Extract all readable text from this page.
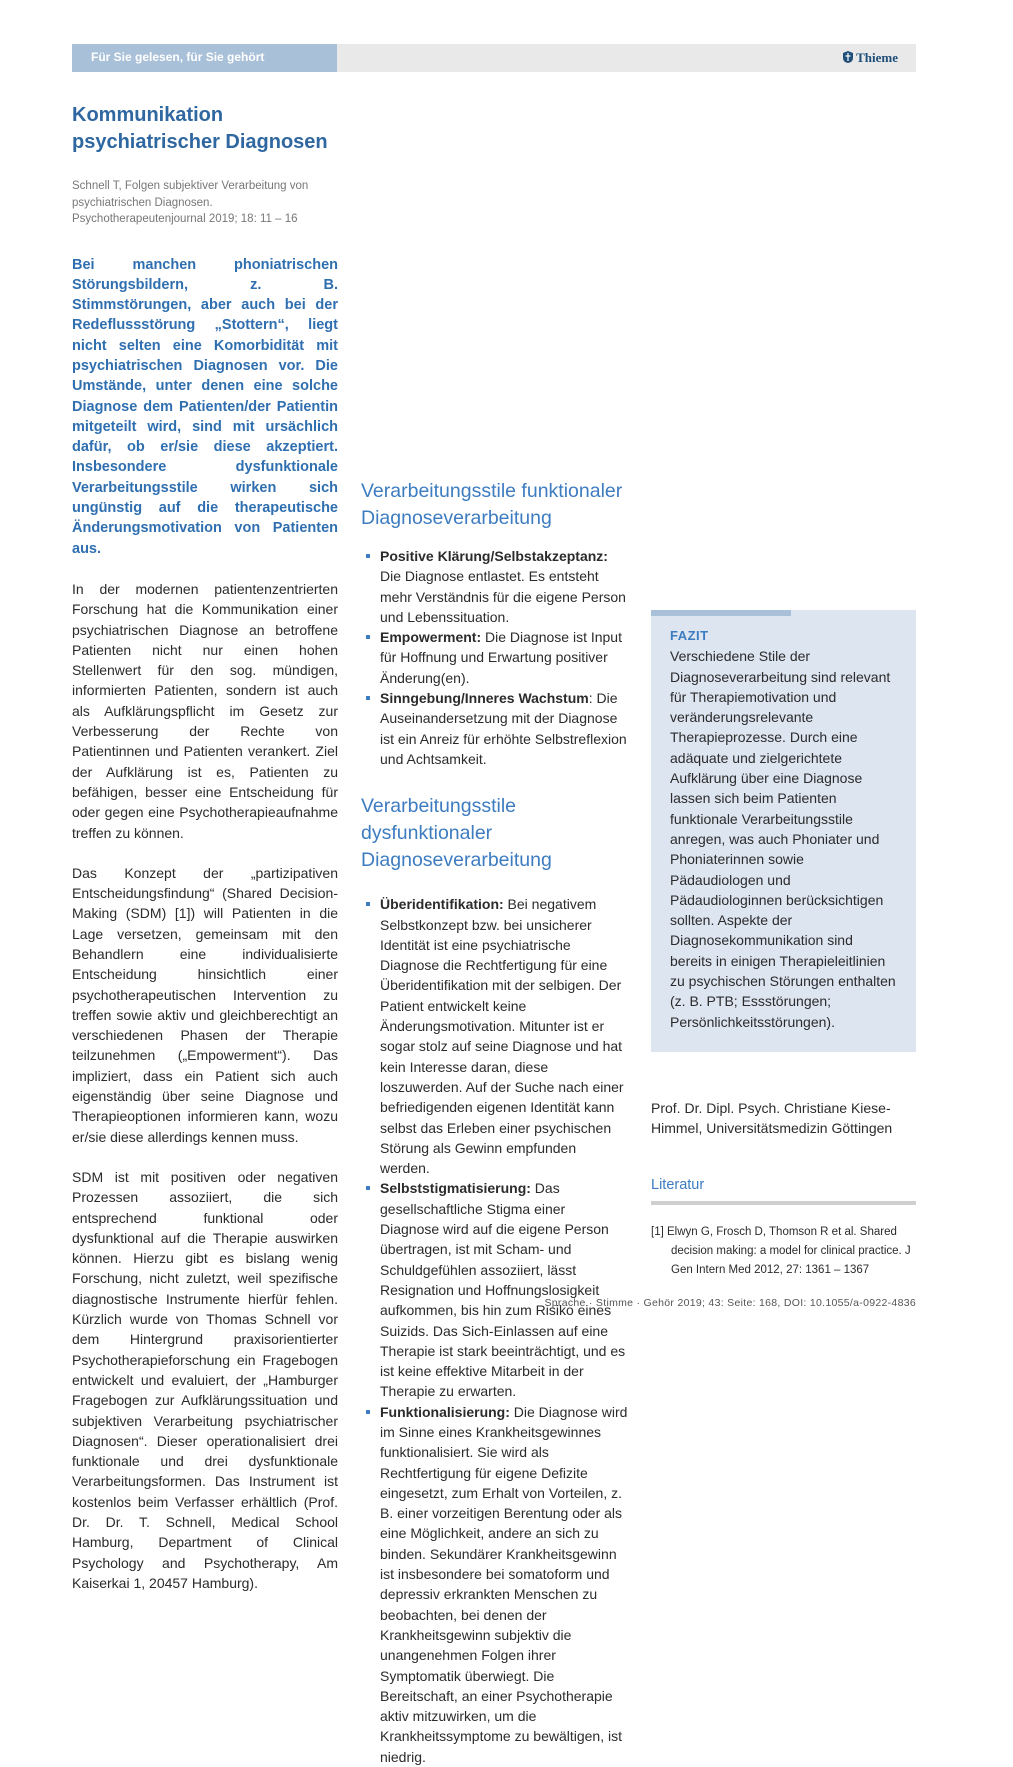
Für Sie gelesen, für Sie gehört	Thieme
Kommunikation psychiatrischer Diagnosen

Schnell T, Folgen subjektiver Verarbeitung von psychiatrischen Diagnosen. Psychotherapeutenjournal 2019; 18: 11 – 16

Bei manchen phoniatrischen Störungsbildern, z. B. Stimmstörungen, aber auch bei der Redeflussstörung „Stottern“, liegt nicht selten eine Komorbidität mit psychiatrischen Diagnosen vor. Die Umstände, unter denen eine solche Diagnose dem Patienten/der Patientin mitgeteilt wird, sind mit ursächlich dafür, ob er/sie diese akzeptiert. Insbesondere dysfunktionale Verarbeitungsstile wirken sich ungünstig auf die therapeutische Änderungsmotivation von Patienten aus.

In der modernen patientenzentrierten Forschung hat die Kommunikation einer psychiatrischen Diagnose an betroffene Patienten nicht nur einen hohen Stellenwert für den sog. mündigen, informierten Patienten, sondern ist auch als Aufklärungspflicht im Gesetz zur Verbesserung der Rechte von Patientinnen und Patienten verankert. Ziel der Aufklärung ist es, Patienten zu befähigen, besser eine Entscheidung für oder gegen eine Psychotherapieaufnahme treffen zu können.

Das Konzept der „partizipativen Entscheidungsfindung“ (Shared Decision-Making (SDM) [1]) will Patienten in die Lage versetzen, gemeinsam mit den Behandlern eine individualisierte Entscheidung hinsichtlich einer psychotherapeutischen Intervention zu treffen sowie aktiv und gleichberechtigt an verschiedenen Phasen der Therapie teilzunehmen („Empowerment“). Das impliziert, dass ein Patient sich auch eigenständig über seine Diagnose und Therapieoptionen informieren kann, wozu er/sie diese allerdings kennen muss.

SDM ist mit positiven oder negativen Prozessen assoziiert, die sich entsprechend funktional oder dysfunktional auf die Therapie auswirken können. Hierzu gibt es bislang wenig Forschung, nicht zuletzt, weil spezifische diagnostische Instrumente hierfür fehlen. Kürzlich wurde von Thomas Schnell vor dem Hintergrund praxisorientierter Psychotherapieforschung ein Fragebogen entwickelt und evaluiert, der „Hamburger Fragebogen zur Aufklärungssituation und subjektiven Verarbeitung psychiatrischer Diagnosen“. Dieser operationalisiert drei funktionale und drei dysfunktionale Verarbeitungsformen. Das Instrument ist kostenlos beim Verfasser erhältlich (Prof. Dr. Dr. T. Schnell, Medical School Hamburg, Department of Clinical Psychology and Psychotherapy, Am Kaiserkai 1, 20457 Hamburg).

Verarbeitungsstile funktionaler Diagnoseverarbeitung
Positive Klärung/Selbstakzeptanz: Die Diagnose entlastet. Es entsteht mehr Verständnis für die eigene Person und Lebenssituation.
Empowerment: Die Diagnose ist Input für Hoffnung und Erwartung positiver Änderung(en).
Sinngebung/Inneres Wachstum: Die Auseinandersetzung mit der Diagnose ist ein Anreiz für erhöhte Selbstreflexion und Achtsamkeit.
Verarbeitungsstile dysfunktionaler Diagnoseverarbeitung
Überidentifikation: Bei negativem Selbstkonzept bzw. bei unsicherer Identität ist eine psychiatrische Diagnose die Rechtfertigung für eine Überidentifikation mit der selbigen. Der Patient entwickelt keine Änderungsmotivation. Mitunter ist er sogar stolz auf seine Diagnose und hat kein Interesse daran, diese loszuwerden. Auf der Suche nach einer befriedigenden eigenen Identität kann selbst das Erleben einer psychischen Störung als Gewinn empfunden werden.
Selbststigmatisierung: Das gesellschaftliche Stigma einer Diagnose wird auf die eigene Person übertragen, ist mit Scham- und Schuldgefühlen assoziiert, lässt Resignation und Hoffnungslosigkeit aufkommen, bis hin zum Risiko eines Suizids. Das Sich-Einlassen auf eine Therapie ist stark beeinträchtigt, und es ist keine effektive Mitarbeit in der Therapie zu erwarten.
Funktionalisierung: Die Diagnose wird im Sinne eines Krankheitsgewinnes funktionalisiert. Sie wird als Rechtfertigung für eigene Defizite eingesetzt, zum Erhalt von Vorteilen, z. B. einer vorzeitigen Berentung oder als eine Möglichkeit, andere an sich zu binden. Sekundärer Krankheitsgewinn ist insbesondere bei somatoform und depressiv erkrankten Menschen zu beobachten, bei denen der Krankheitsgewinn subjektiv die unangenehmen Folgen ihrer Symptomatik überwiegt. Die Bereitschaft, an einer Psychotherapie aktiv mitzuwirken, um die Krankheitssymptome zu bewältigen, ist niedrig.
FAZIT

Verschiedene Stile der Diagnoseverarbeitung sind relevant für Therapiemotivation und veränderungsrelevante Therapieprozesse. Durch eine adäquate und zielgerichtete Aufklärung über eine Diagnose lassen sich beim Patienten funktionale Verarbeitungsstile anregen, was auch Phoniater und Phoniaterinnen sowie Pädaudiologen und Pädaudiologinnen berücksichtigen sollten. Aspekte der Diagnosekommunikation sind bereits in einigen Therapieleitlinien zu psychischen Störungen enthalten (z. B. PTB; Essstörungen; Persönlichkeitsstörungen).

Prof. Dr. Dipl. Psych. Christiane Kiese-Himmel, Universitätsmedizin Göttingen

Literatur

[1] Elwyn G, Frosch D, Thomson R et al. Shared decision making: a model for clinical practice. J Gen Intern Med 2012, 27: 1361 – 1367

Sprache · Stimme · Gehör 2019; 43: Seite: 168, DOI: 10.1055/a-0922-4836
